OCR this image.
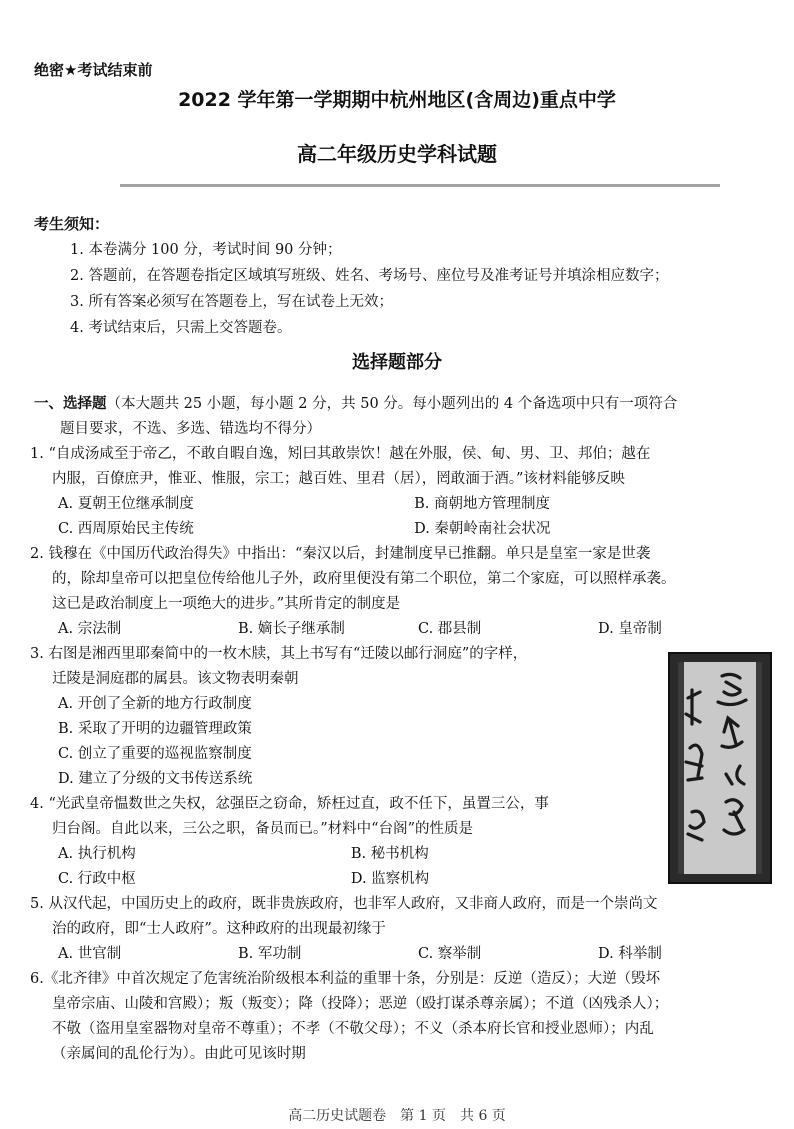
绝密★考试结束前
2022 学年第一学期期中杭州地区(含周边)重点中学
高二年级历史学科试题
考生须知：
1. 本卷满分 100 分，考试时间 90 分钟；
2. 答题前，在答题卷指定区域填写班级、姓名、考场号、座位号及准考证号并填涂相应数字；
3. 所有答案必须写在答题卷上，写在试卷上无效；
4. 考试结束后，只需上交答题卷。
选择题部分
一、选择题（本大题共 25 小题，每小题 2 分，共 50 分。每小题列出的 4 个备选项中只有一项符合
题目要求，不选、多选、错选均不得分）
1. “自成汤咸至于帝乙，不敢自暇自逸，矧曰其敢崇饮！越在外服，侯、甸、男、卫、邦伯；越在
内服，百僚庶尹，惟亚、惟服，宗工；越百姓、里君（居），罔敢湎于酒。”该材料能够反映
A. 夏朝王位继承制度	B. 商朝地方管理制度
C. 西周原始民主传统	D. 秦朝岭南社会状况
2. 钱穆在《中国历代政治得失》中指出：“秦汉以后，封建制度早已推翻。单只是皇室一家是世袭
的，除却皇帝可以把皇位传给他儿子外，政府里便没有第二个职位，第二个家庭，可以照样承袭。
这已是政治制度上一项绝大的进步。”其所肯定的制度是
A. 宗法制	B. 嫡长子继承制	C. 郡县制	D. 皇帝制
3. 右图是湘西里耶秦简中的一枚木牍，其上书写有“迁陵以邮行洞庭”的字样，
迁陵是洞庭郡的属县。该文物表明秦朝
A. 开创了全新的地方行政制度
B. 采取了开明的边疆管理政策
C. 创立了重要的巡视监察制度
D. 建立了分级的文书传送系统
4. “光武皇帝愠数世之失权，忿强臣之窃命，矫枉过直，政不任下，虽置三公，事
归台阁。自此以来，三公之职，备员而已。”材料中“台阁”的性质是
A. 执行机构	B. 秘书机构
C. 行政中枢	D. 监察机构
5. 从汉代起，中国历史上的政府，既非贵族政府，也非军人政府，又非商人政府，而是一个崇尚文
治的政府，即“士人政府”。这种政府的出现最初缘于
A. 世官制	B. 军功制	C. 察举制	D. 科举制
6.《北齐律》中首次规定了危害统治阶级根本利益的重罪十条，分别是：反逆（造反）；大逆（毁坏
皇帝宗庙、山陵和宫殿）；叛（叛变）；降（投降）；恶逆（殴打谋杀尊亲属）；不道（凶残杀人）；
不敬（盗用皇室器物对皇帝不尊重）；不孝（不敬父母）；不义（杀本府长官和授业恩师）；内乱
（亲属间的乱伦行为）。由此可见该时期
高二历史试题卷　第 1 页　共 6 页
